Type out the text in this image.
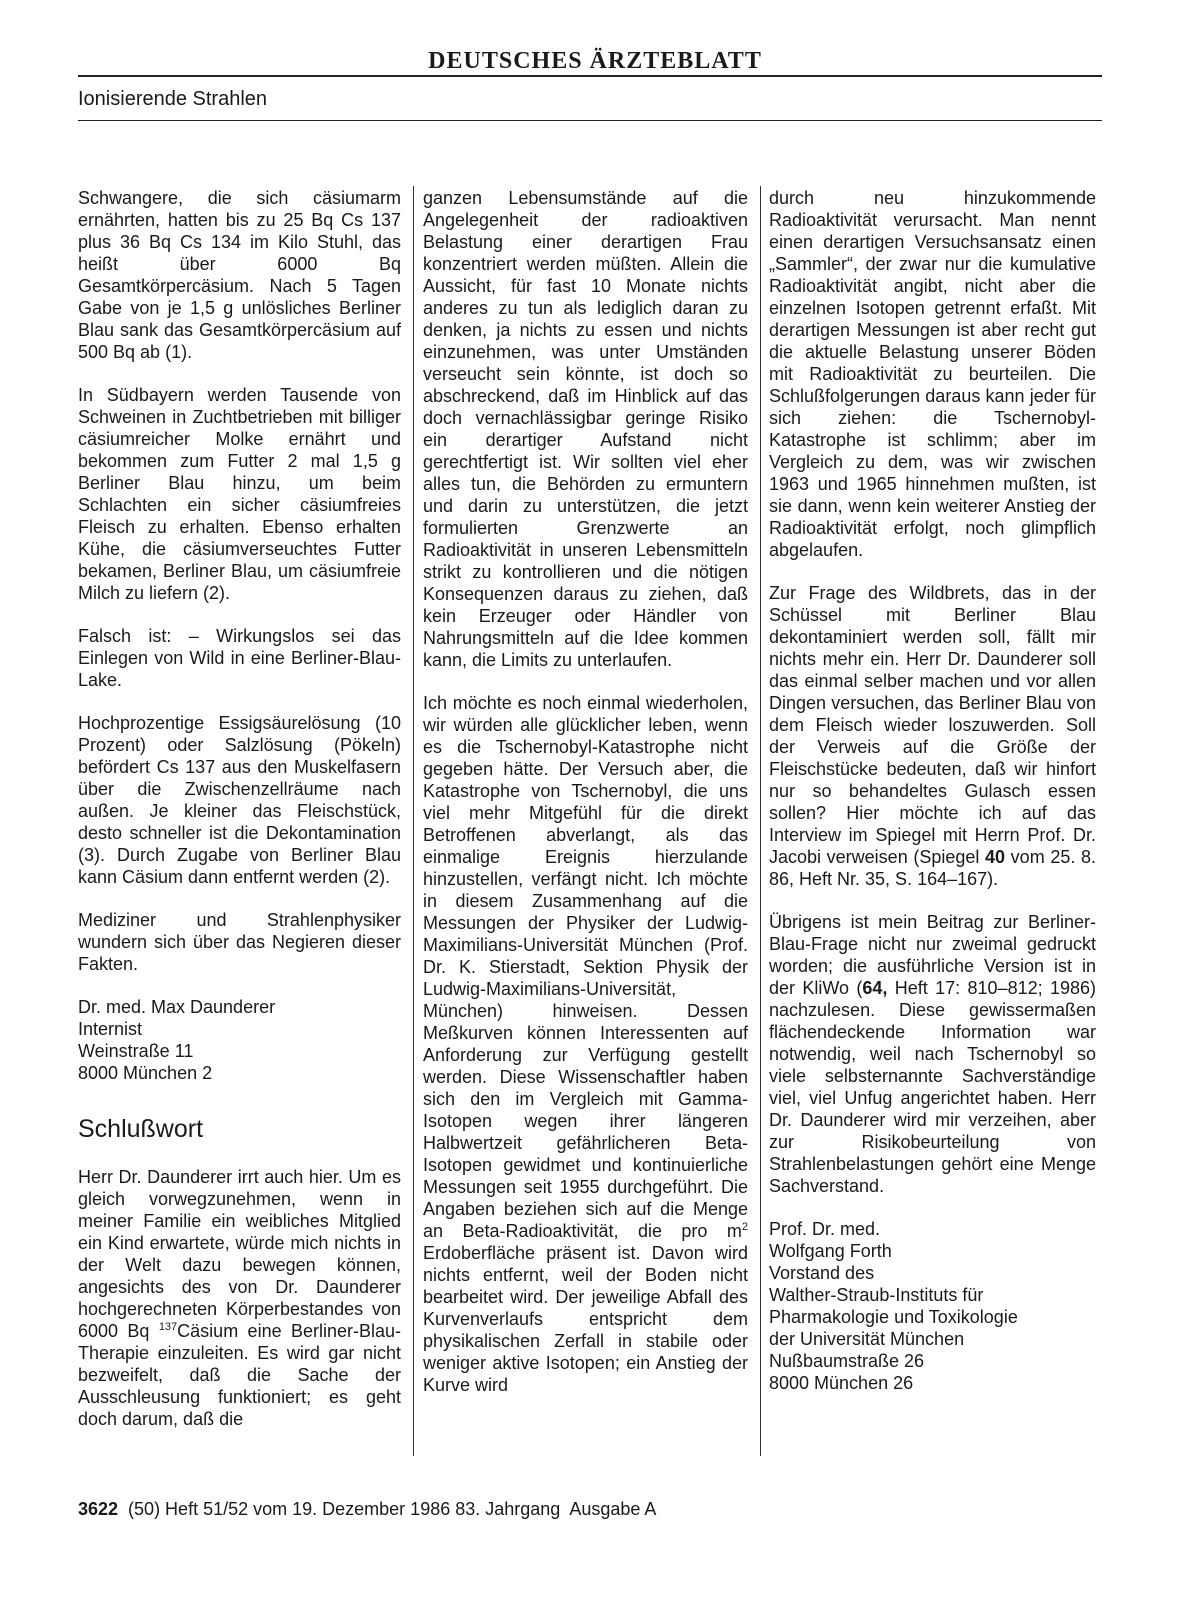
DEUTSCHES ÄRZTEBLATT
Ionisierende Strahlen

Schwangere, die sich cäsiumarm ernährten, hatten bis zu 25 Bq Cs 137 plus 36 Bq Cs 134 im Kilo Stuhl, das heißt über 6000 Bq Gesamtkörpercäsium. Nach 5 Tagen Gabe von je 1,5 g unlösliches Berliner Blau sank das Gesamtkörpercäsium auf 500 Bq ab (1).

In Südbayern werden Tausende von Schweinen in Zuchtbetrieben mit billiger cäsiumreicher Molke ernährt und bekommen zum Futter 2 mal 1,5 g Berliner Blau hinzu, um beim Schlachten ein sicher cäsiumfreies Fleisch zu erhalten. Ebenso erhalten Kühe, die cäsiumverseuchtes Futter bekamen, Berliner Blau, um cäsiumfreie Milch zu liefern (2).

Falsch ist: – Wirkungslos sei das Einlegen von Wild in eine Berliner-Blau-Lake.

Hochprozentige Essigsäurelösung (10 Prozent) oder Salzlösung (Pökeln) befördert Cs 137 aus den Muskelfasern über die Zwischenzellräume nach außen. Je kleiner das Fleischstück, desto schneller ist die Dekontamination (3). Durch Zugabe von Berliner Blau kann Cäsium dann entfernt werden (2).

Mediziner und Strahlenphysiker wundern sich über das Negieren dieser Fakten.

Dr. med. Max Daunderer
Internist
Weinstraße 11
8000 München 2
Schlußwort

Herr Dr. Daunderer irrt auch hier. Um es gleich vorwegzunehmen, wenn in meiner Familie ein weibliches Mitglied ein Kind erwartete, würde mich nichts in der Welt dazu bewegen können, angesichts des von Dr. Daunderer hochgerechneten Körperbestandes von 6000 Bq $^{137}$Cäsium eine Berliner-Blau-Therapie einzuleiten. Es wird gar nicht bezweifelt, daß die Sache der Ausschleusung funktioniert; es geht doch darum, daß die

ganzen Lebensumstände auf die Angelegenheit der radioaktiven Belastung einer derartigen Frau konzentriert werden müßten. Allein die Aussicht, für fast 10 Monate nichts anderes zu tun als lediglich daran zu denken, ja nichts zu essen und nichts einzunehmen, was unter Umständen verseucht sein könnte, ist doch so abschreckend, daß im Hinblick auf das doch vernachlässigbar geringe Risiko ein derartiger Aufstand nicht gerechtfertigt ist. Wir sollten viel eher alles tun, die Behörden zu ermuntern und darin zu unterstützen, die jetzt formulierten Grenzwerte an Radioaktivität in unseren Lebensmitteln strikt zu kontrollieren und die nötigen Konsequenzen daraus zu ziehen, daß kein Erzeuger oder Händler von Nahrungsmitteln auf die Idee kommen kann, die Limits zu unterlaufen.

Ich möchte es noch einmal wiederholen, wir würden alle glücklicher leben, wenn es die Tschernobyl-Katastrophe nicht gegeben hätte. Der Versuch aber, die Katastrophe von Tschernobyl, die uns viel mehr Mitgefühl für die direkt Betroffenen abverlangt, als das einmalige Ereignis hierzulande hinzustellen, verfängt nicht. Ich möchte in diesem Zusammenhang auf die Messungen der Physiker der Ludwig-Maximilians-Universität München (Prof. Dr. K. Stierstadt, Sektion Physik der Ludwig-Maximilians-Universität, München) hinweisen. Dessen Meßkurven können Interessenten auf Anforderung zur Verfügung gestellt werden. Diese Wissenschaftler haben sich den im Vergleich mit Gamma-Isotopen wegen ihrer längeren Halbwertzeit gefährlicheren Beta-Isotopen gewidmet und kontinuierliche Messungen seit 1955 durchgeführt. Die Angaben beziehen sich auf die Menge an Beta-Radioaktivität, die pro $m^2$ Erdoberfläche präsent ist. Davon wird nichts entfernt, weil der Boden nicht bearbeitet wird. Der jeweilige Abfall des Kurvenverlaufs entspricht dem physikalischen Zerfall in stabile oder weniger aktive Isotopen; ein Anstieg der Kurve wird

durch neu hinzukommende Radioaktivität verursacht. Man nennt einen derartigen Versuchsansatz einen „Sammler“, der zwar nur die kumulative Radioaktivität angibt, nicht aber die einzelnen Isotopen getrennt erfaßt. Mit derartigen Messungen ist aber recht gut die aktuelle Belastung unserer Böden mit Radioaktivität zu beurteilen. Die Schlußfolgerungen daraus kann jeder für sich ziehen: die Tschernobyl-Katastrophe ist schlimm; aber im Vergleich zu dem, was wir zwischen 1963 und 1965 hinnehmen mußten, ist sie dann, wenn kein weiterer Anstieg der Radioaktivität erfolgt, noch glimpflich abgelaufen.

Zur Frage des Wildbrets, das in der Schüssel mit Berliner Blau dekontaminiert werden soll, fällt mir nichts mehr ein. Herr Dr. Daunderer soll das einmal selber machen und vor allen Dingen versuchen, das Berliner Blau von dem Fleisch wieder loszuwerden. Soll der Verweis auf die Größe der Fleischstücke bedeuten, daß wir hinfort nur so behandeltes Gulasch essen sollen? Hier möchte ich auf das Interview im Spiegel mit Herrn Prof. Dr. Jacobi verweisen (Spiegel 40 vom 25. 8. 86, Heft Nr. 35, S. 164–167).

Übrigens ist mein Beitrag zur Berliner-Blau-Frage nicht nur zweimal gedruckt worden; die ausführliche Version ist in der KliWo (64, Heft 17: 810–812; 1986) nachzulesen. Diese gewissermaßen flächendeckende Information war notwendig, weil nach Tschernobyl so viele selbsternannte Sachverständige viel, viel Unfug angerichtet haben. Herr Dr. Daunderer wird mir verzeihen, aber zur Risikobeurteilung von Strahlenbelastungen gehört eine Menge Sachverstand.

Prof. Dr. med.
Wolfgang Forth
Vorstand des
Walther-Straub-Instituts für
Pharmakologie und Toxikologie
der Universität München
Nußbaumstraße 26
8000 München 26
3622  (50) Heft 51/52 vom 19. Dezember 1986 83. Jahrgang  Ausgabe A
